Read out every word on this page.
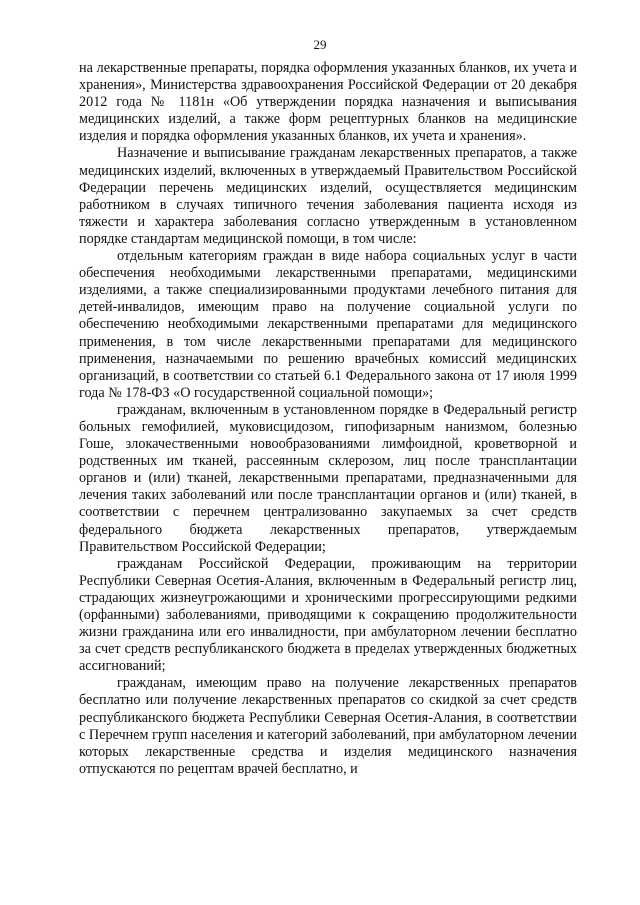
29

на лекарственные препараты, порядка оформления указанных бланков, их учета и хранения», Министерства здравоохранения Российской Федерации от 20 декабря 2012 года № 1181н «Об утверждении порядка назначения и выписывания медицинских изделий, а также форм рецептурных бланков на медицинские изделия и порядка оформления указанных бланков, их учета и хранения».

Назначение и выписывание гражданам лекарственных препаратов, а также медицинских изделий, включенных в утверждаемый Правительством Российской Федерации перечень медицинских изделий, осуществляется медицинским работником в случаях типичного течения заболевания пациента исходя из тяжести и характера заболевания согласно утвержденным в установленном порядке стандартам медицинской помощи, в том числе:

отдельным категориям граждан в виде набора социальных услуг в части обеспечения необходимыми лекарственными препаратами, медицинскими изделиями, а также специализированными продуктами лечебного питания для детей-инвалидов, имеющим право на получение социальной услуги по обеспечению необходимыми лекарственными препаратами для медицинского применения, в том числе лекарственными препаратами для медицинского применения, назначаемыми по решению врачебных комиссий медицинских организаций, в соответствии со статьей 6.1 Федерального закона от 17 июля 1999 года № 178-ФЗ «О государственной социальной помощи»;

гражданам, включенным в установленном порядке в Федеральный регистр больных гемофилией, муковисцидозом, гипофизарным нанизмом, болезнью Гоше, злокачественными новообразованиями лимфоидной, кроветворной и родственных им тканей, рассеянным склерозом, лиц после трансплантации органов и (или) тканей, лекарственными препаратами, предназначенными для лечения таких заболеваний или после трансплантации органов и (или) тканей, в соответствии с перечнем централизованно закупаемых за счет средств федерального бюджета лекарственных препаратов, утверждаемым Правительством Российской Федерации;

гражданам Российской Федерации, проживающим на территории Республики Северная Осетия-Алания, включенным в Федеральный регистр лиц, страдающих жизнеугрожающими и хроническими прогрессирующими редкими (орфанными) заболеваниями, приводящими к сокращению продолжительности жизни гражданина или его инвалидности, при амбулаторном лечении бесплатно за счет средств республиканского бюджета в пределах утвержденных бюджетных ассигнований;

гражданам, имеющим право на получение лекарственных препаратов бесплатно или получение лекарственных препаратов со скидкой за счет средств республиканского бюджета Республики Северная Осетия-Алания, в соответствии с Перечнем групп населения и категорий заболеваний, при амбулаторном лечении которых лекарственные средства и изделия медицинского назначения отпускаются по рецептам врачей бесплатно, и
